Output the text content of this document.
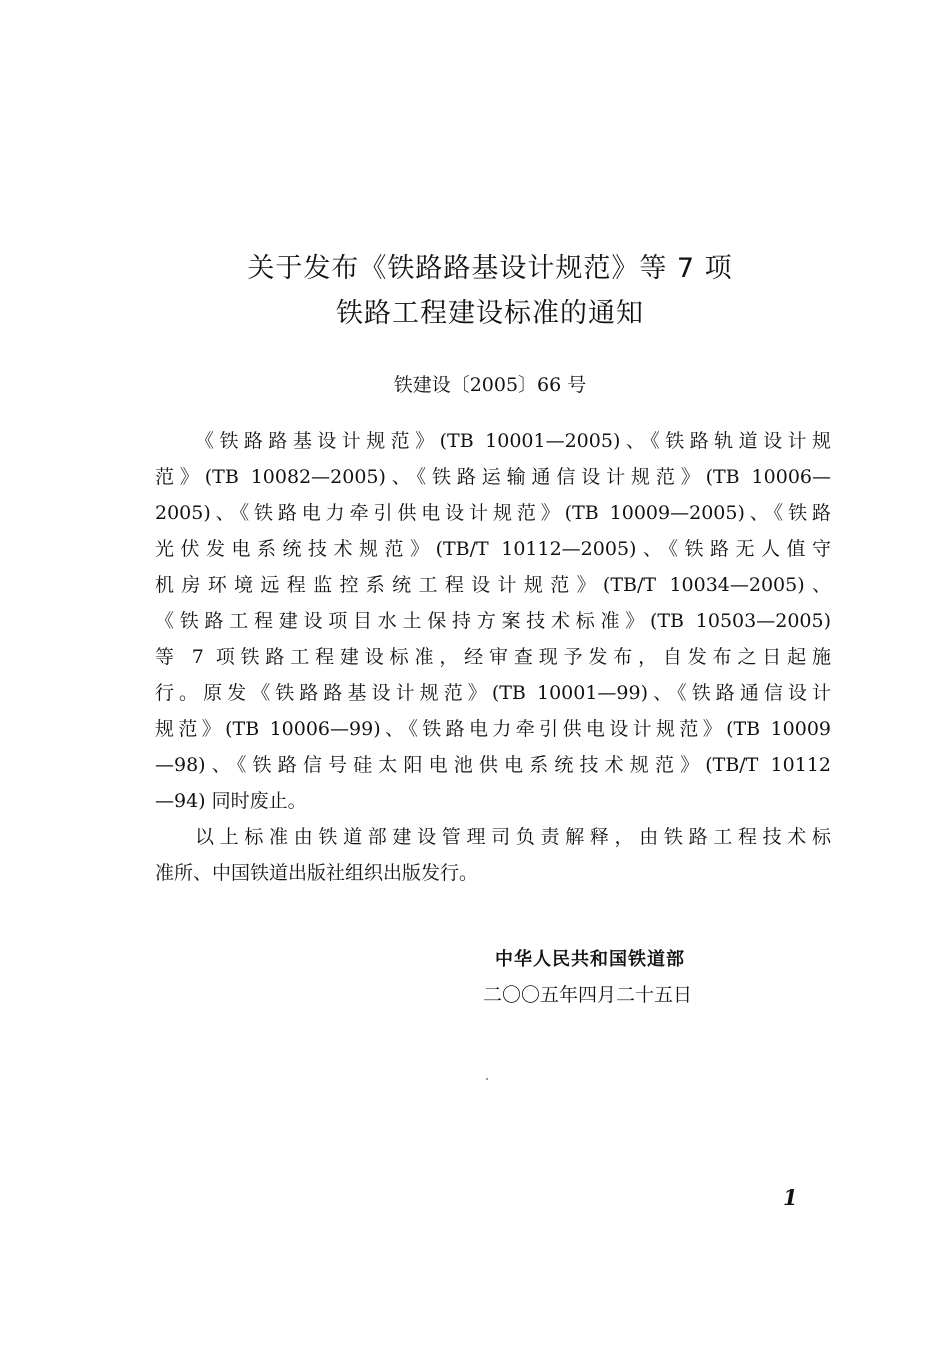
关于发布《铁路路基设计规范》等 7 项
铁路工程建设标准的通知
铁建设〔2005〕66 号
《铁路路基设计规范》(TB 10001—2005)、《铁路轨道设计规
范》(TB 10082—2005)、《铁路运输通信设计规范》(TB 10006—
2005)、《铁路电力牵引供电设计规范》(TB 10009—2005)、《铁路
光伏发电系统技术规范》(TB/T 10112—2005)、《铁路无人值守
机房环境远程监控系统工程设计规范》(TB/T 10034—2005)、
《铁路工程建设项目水土保持方案技术标准》(TB 10503—2005)
等 7 项铁路工程建设标准，经审查现予发布，自发布之日起施
行。原发《铁路路基设计规范》(TB 10001—99)、《铁路通信设计
规范》(TB 10006—99)、《铁路电力牵引供电设计规范》(TB 10009
—98)、《铁路信号硅太阳电池供电系统技术规范》(TB/T 10112
—94) 同时废止。
以上标准由铁道部建设管理司负责解释，由铁路工程技术标
准所、中国铁道出版社组织出版发行。
中华人民共和国铁道部
二〇〇五年四月二十五日
1
